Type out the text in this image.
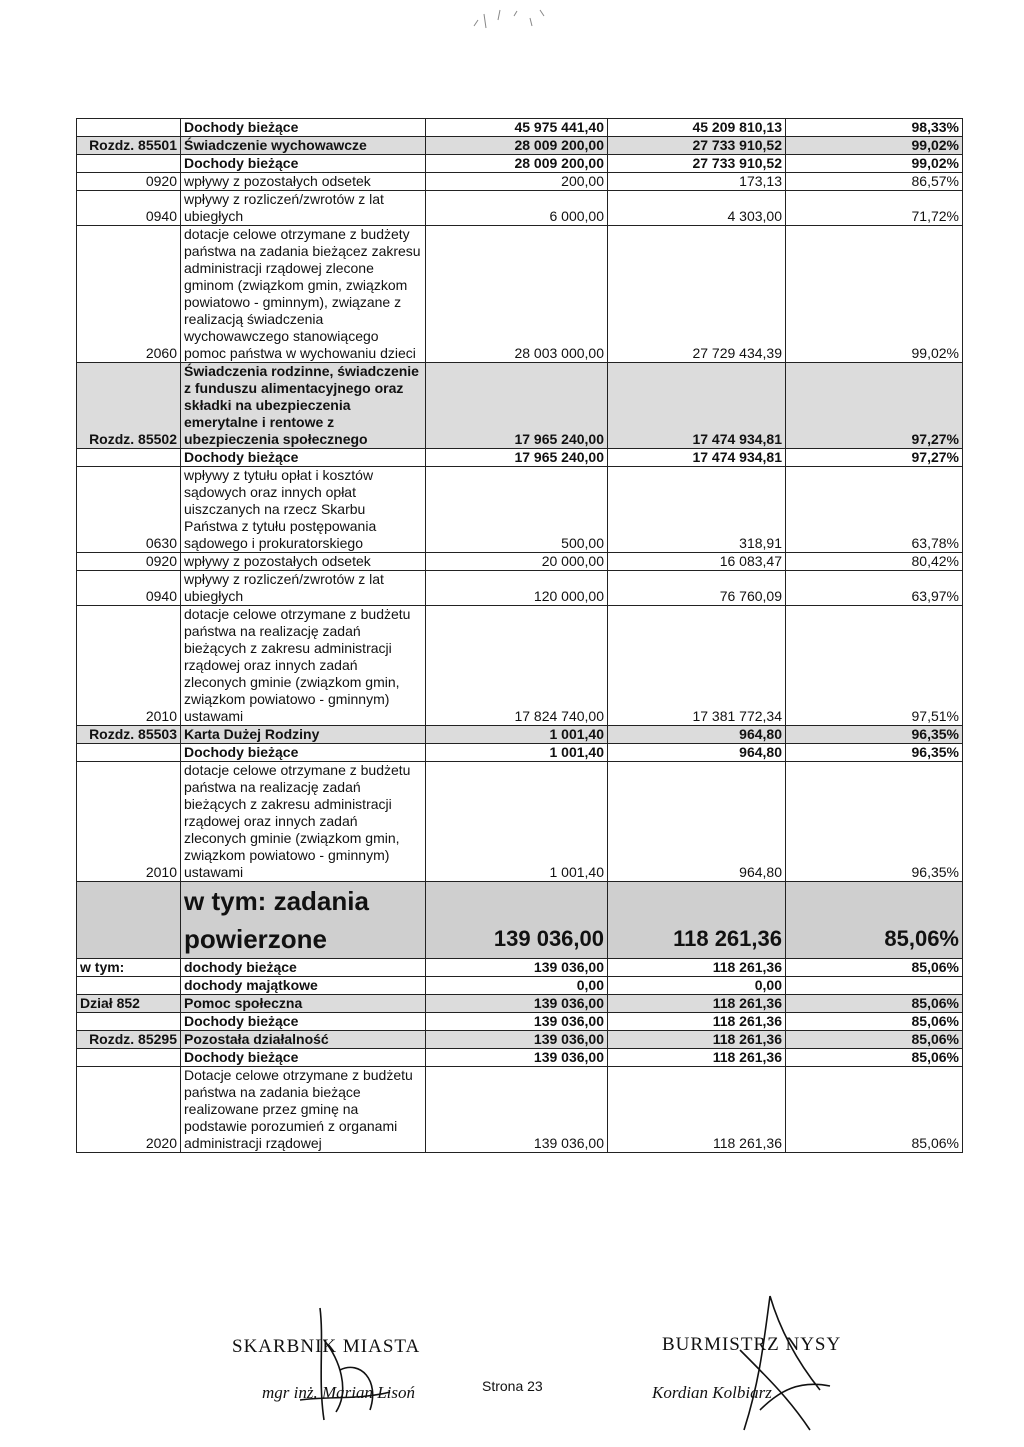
	Dochody bieżące	45 975 441,40	45 209 810,13	98,33%
Rozdz. 85501	Świadczenie wychowawcze	28 009 200,00	27 733 910,52	99,02%
	Dochody bieżące	28 009 200,00	27 733 910,52	99,02%
0920	wpływy z pozostałych odsetek	200,00	173,13	86,57%
0940	wpływy z rozliczeń/zwrotów z lat ubiegłych	6 000,00	4 303,00	71,72%
2060	dotacje celowe otrzymane z budżety państwa na zadania bieżącez zakresu administracji rządowej zlecone gminom (związkom gmin, związkom powiatowo - gminnym), związane z realizacją świadczenia wychowawczego stanowiącego pomoc państwa w wychowaniu dzieci	28 003 000,00	27 729 434,39	99,02%
Rozdz. 85502	Świadczenia rodzinne, świadczenie z funduszu alimentacyjnego oraz składki na ubezpieczenia emerytalne i rentowe z ubezpieczenia społecznego	17 965 240,00	17 474 934,81	97,27%
	Dochody bieżące	17 965 240,00	17 474 934,81	97,27%
0630	wpływy z tytułu opłat i kosztów sądowych oraz innych opłat uiszczanych na rzecz Skarbu Państwa z tytułu postępowania sądowego i prokuratorskiego	500,00	318,91	63,78%
0920	wpływy z pozostałych odsetek	20 000,00	16 083,47	80,42%
0940	wpływy z rozliczeń/zwrotów z lat ubiegłych	120 000,00	76 760,09	63,97%
2010	dotacje celowe otrzymane z budżetu państwa na realizację zadań bieżących z zakresu administracji rządowej oraz innych zadań zleconych gminie (związkom gmin, związkom powiatowo - gminnym) ustawami	17 824 740,00	17 381 772,34	97,51%
Rozdz. 85503	Karta Dużej Rodziny	1 001,40	964,80	96,35%
	Dochody bieżące	1 001,40	964,80	96,35%
2010	dotacje celowe otrzymane z budżetu państwa na realizację zadań bieżących z zakresu administracji rządowej oraz innych zadań zleconych gminie (związkom gmin, związkom powiatowo - gminnym) ustawami	1 001,40	964,80	96,35%
	w tym: zadania powierzone	139 036,00	118 261,36	85,06%
w tym:	dochody bieżące	139 036,00	118 261,36	85,06%
	dochody majątkowe	0,00	0,00	
Dział 852	Pomoc społeczna	139 036,00	118 261,36	85,06%
	Dochody bieżące	139 036,00	118 261,36	85,06%
Rozdz. 85295	Pozostała działalność	139 036,00	118 261,36	85,06%
	Dochody bieżące	139 036,00	118 261,36	85,06%
2020	Dotacje celowe otrzymane z budżetu państwa na zadania bieżące realizowane przez gminę na podstawie porozumień z organami administracji rządowej	139 036,00	118 261,36	85,06%
SKARBNIK MIASTA
mgr inż. Marian Lisoń	Strona 23
BURMISTRZ NYSY
Kordian Kolbiarz
